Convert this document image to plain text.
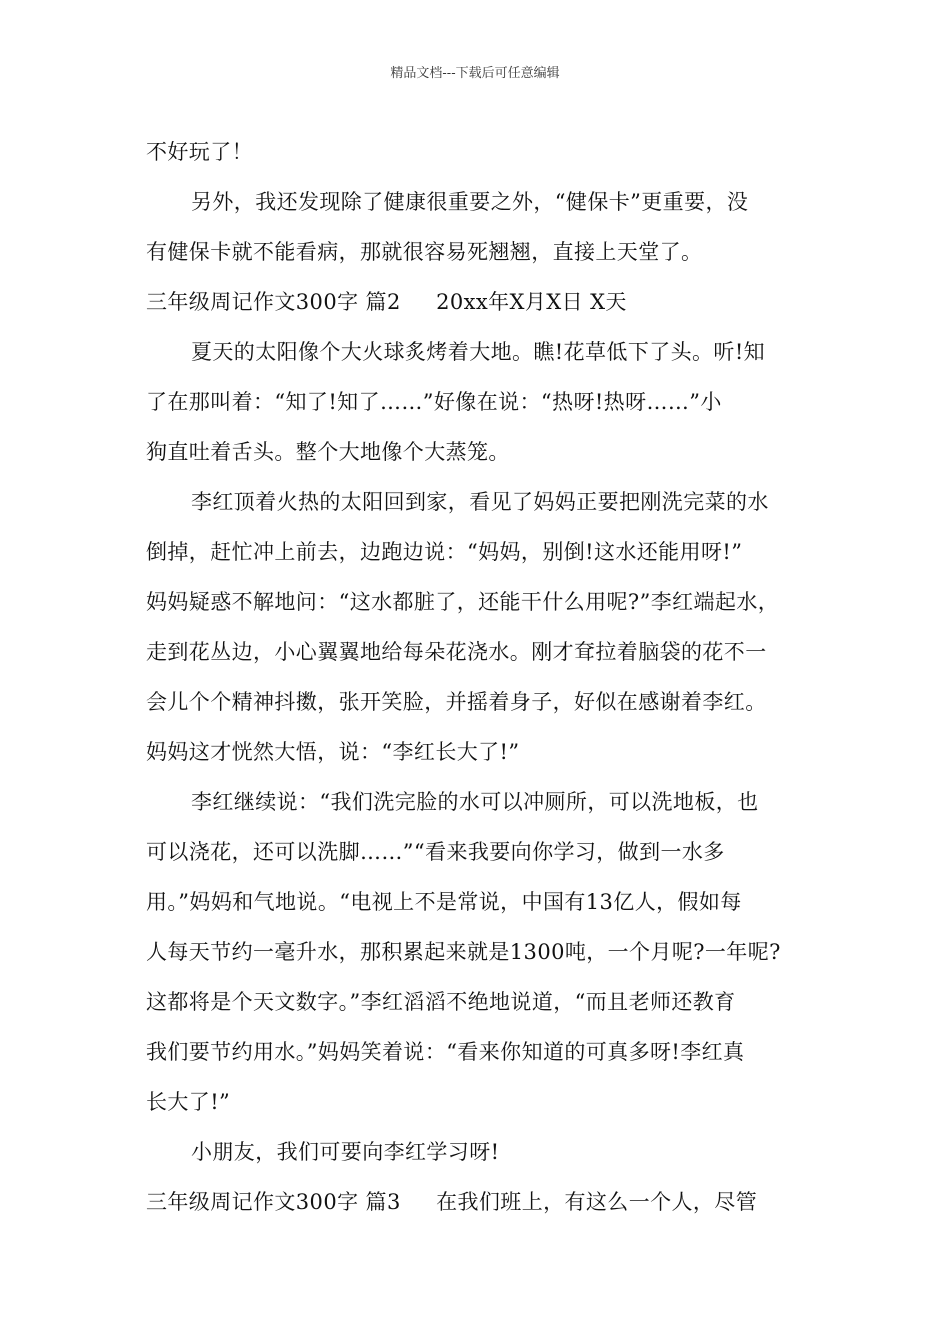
精品文档---下载后可任意编辑
不好玩了！
另外，我还发现除了健康很重要之外，“健保卡”更重要，没
有健保卡就不能看病，那就很容易死翘翘，直接上天堂了。
三年级周记作文300字 篇2     20xx年X月X日 X天
夏天的太阳像个大火球炙烤着大地。瞧!花草低下了头。听!知
了在那叫着：“知了!知了……”好像在说：“热呀!热呀……”小
狗直吐着舌头。整个大地像个大蒸笼。
李红顶着火热的太阳回到家，看见了妈妈正要把刚洗完菜的水
倒掉，赶忙冲上前去，边跑边说：“妈妈，别倒!这水还能用呀!”
妈妈疑惑不解地问：“这水都脏了，还能干什么用呢?”李红端起水，
走到花丛边，小心翼翼地给每朵花浇水。刚才耷拉着脑袋的花不一
会儿个个精神抖擞，张开笑脸，并摇着身子，好似在感谢着李红。
妈妈这才恍然大悟，说：“李红长大了!”
李红继续说：“我们洗完脸的水可以冲厕所，可以洗地板，也
可以浇花，还可以洗脚……”“看来我要向你学习，做到一水多
用。”妈妈和气地说。“电视上不是常说，中国有13亿人，假如每
人每天节约一毫升水，那积累起来就是1300吨，一个月呢?一年呢?
这都将是个天文数字。”李红滔滔不绝地说道，“而且老师还教育
我们要节约用水。”妈妈笑着说：“看来你知道的可真多呀!李红真
长大了!”
小朋友，我们可要向李红学习呀!
三年级周记作文300字 篇3     在我们班上，有这么一个人，尽管
